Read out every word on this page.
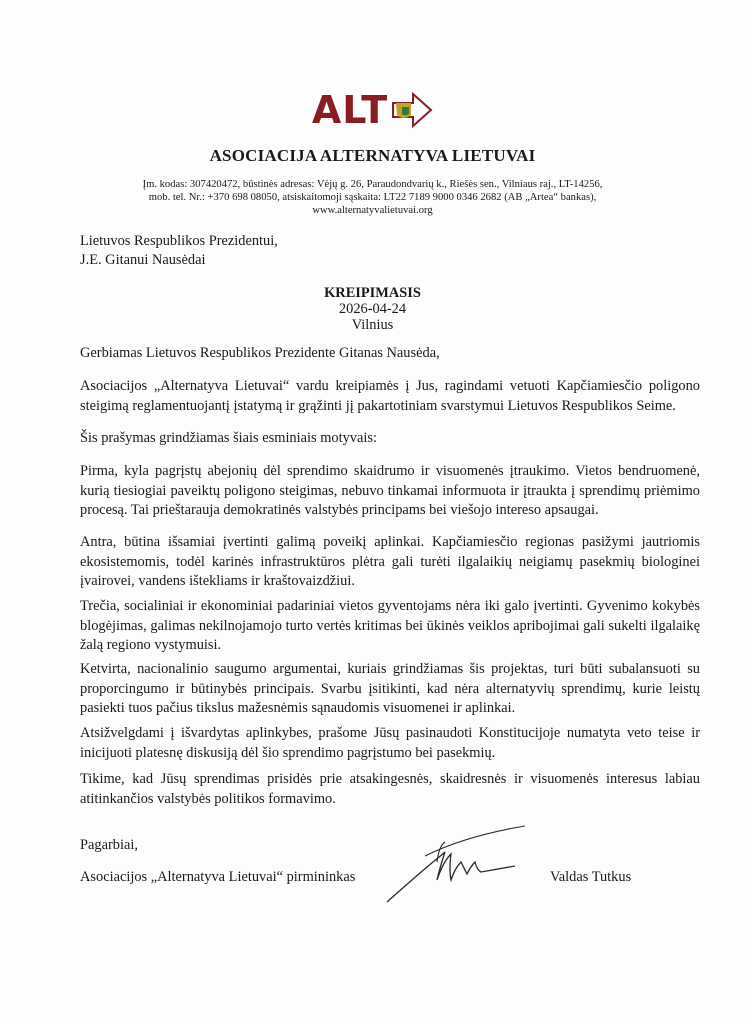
ALT
ASOCIACIJA ALTERNATYVA LIETUVAI
Įm. kodas: 307420472, būstinės adresas: Vėjų g. 26, Paraudondvarių k., Riešės sen., Vilniaus raj., LT-14256,
mob. tel. Nr.: +370 698 08050, atsiskaitomoji sąskaita: LT22 7189 9000 0346 2682 (AB „Artea“ bankas),
www.alternatyvalietuvai.org
Lietuvos Respublikos Prezidentui,
J.E. Gitanui Nausėdai
KREIPIMASIS
2026-04-24
Vilnius

Gerbiamas Lietuvos Respublikos Prezidente Gitanas Nausėda,

Asociacijos „Alternatyva Lietuvai“ vardu kreipiamės į Jus, ragindami vetuoti Kapčiamiesčio poligono steigimą reglamentuojantį įstatymą ir grąžinti jį pakartotiniam svarstymui Lietuvos Respublikos Seime.

Šis prašymas grindžiamas šiais esminiais motyvais:

Pirma, kyla pagrįstų abejonių dėl sprendimo skaidrumo ir visuomenės įtraukimo. Vietos bendruomenė, kurią tiesiogiai paveiktų poligono steigimas, nebuvo tinkamai informuota ir įtraukta į sprendimų priėmimo procesą. Tai prieštarauja demokratinės valstybės principams bei viešojo intereso apsaugai.

Antra, būtina išsamiai įvertinti galimą poveikį aplinkai. Kapčiamiesčio regionas pasižymi jautriomis ekosistemomis, todėl karinės infrastruktūros plėtra gali turėti ilgalaikių neigiamų pasekmių biologinei įvairovei, vandens ištekliams ir kraštovaizdžiui.

Trečia, socialiniai ir ekonominiai padariniai vietos gyventojams nėra iki galo įvertinti. Gyvenimo kokybės blogėjimas, galimas nekilnojamojo turto vertės kritimas bei ūkinės veiklos apribojimai gali sukelti ilgalaikę žalą regiono vystymuisi.

Ketvirta, nacionalinio saugumo argumentai, kuriais grindžiamas šis projektas, turi būti subalansuoti su proporcingumo ir būtinybės principais. Svarbu įsitikinti, kad nėra alternatyvių sprendimų, kurie leistų pasiekti tuos pačius tikslus mažesnėmis sąnaudomis visuomenei ir aplinkai.

Atsižvelgdami į išvardytas aplinkybes, prašome Jūsų pasinaudoti Konstitucijoje numatyta veto teise ir inicijuoti platesnę diskusiją dėl šio sprendimo pagrįstumo bei pasekmių.

Tikime, kad Jūsų sprendimas prisidės prie atsakingesnės, skaidresnės ir visuomenės interesus labiau atitinkančios valstybės politikos formavimo.

Pagarbiai,
Asociacijos „Alternatyva Lietuvai“ pirmininkas	Valdas Tutkus
